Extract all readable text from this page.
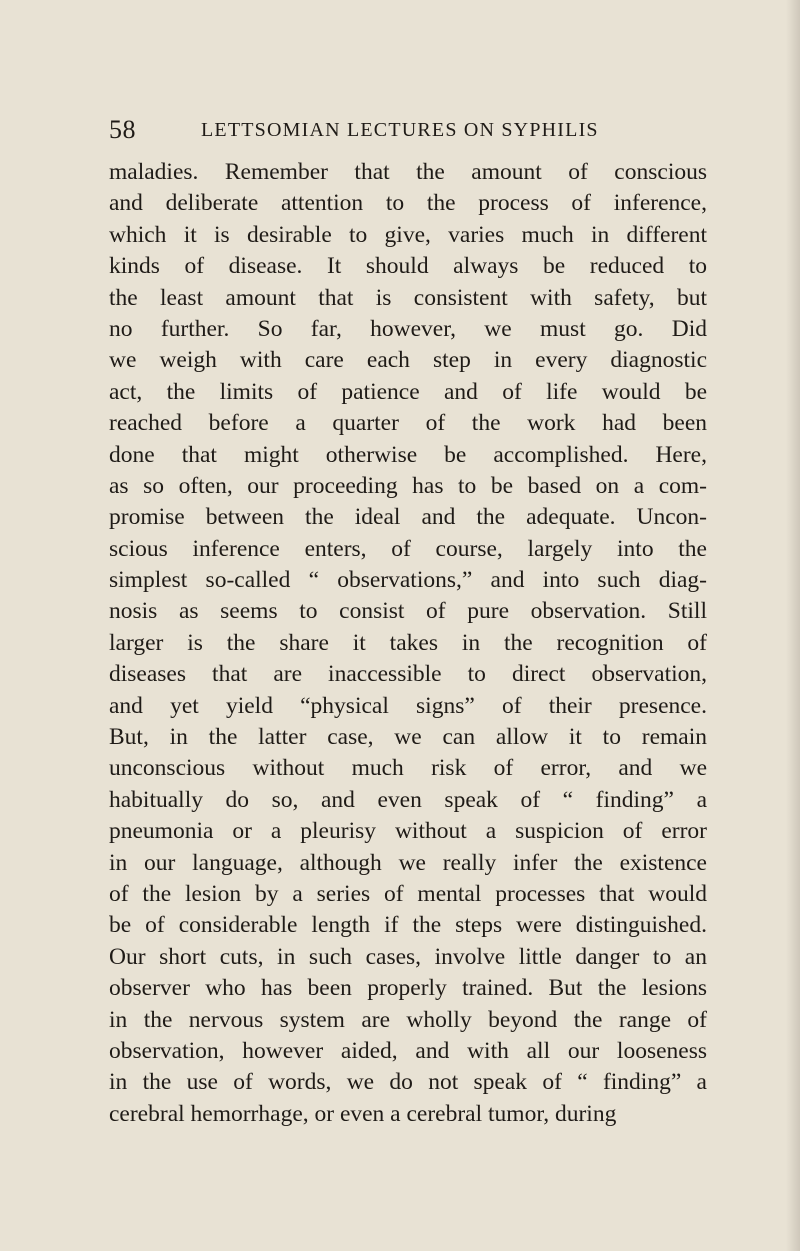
58	LETTSOMIAN LECTURES ON SYPHILIS
maladies. Remember that the amount of conscious
and deliberate attention to the process of inference,
which it is desirable to give, varies much in different
kinds of disease. It should always be reduced to
the least amount that is consistent with safety, but
no further. So far, however, we must go. Did
we weigh with care each step in every diagnostic
act, the limits of patience and of life would be
reached before a quarter of the work had been
done that might otherwise be accomplished. Here,
as so often, our proceeding has to be based on a com-
promise between the ideal and the adequate. Uncon-
scious inference enters, of course, largely into the
simplest so-called “ observations,” and into such diag-
nosis as seems to consist of pure observation. Still
larger is the share it takes in the recognition of
diseases that are inaccessible to direct observation,
and yet yield “physical signs” of their presence.
But, in the latter case, we can allow it to remain
unconscious without much risk of error, and we
habitually do so, and even speak of “ finding” a
pneumonia or a pleurisy without a suspicion of error
in our language, although we really infer the existence
of the lesion by a series of mental processes that would
be of considerable length if the steps were distinguished.
Our short cuts, in such cases, involve little danger to an
observer who has been properly trained. But the lesions
in the nervous system are wholly beyond the range of
observation, however aided, and with all our looseness
in the use of words, we do not speak of “ finding” a
cerebral hemorrhage, or even a cerebral tumor, during
